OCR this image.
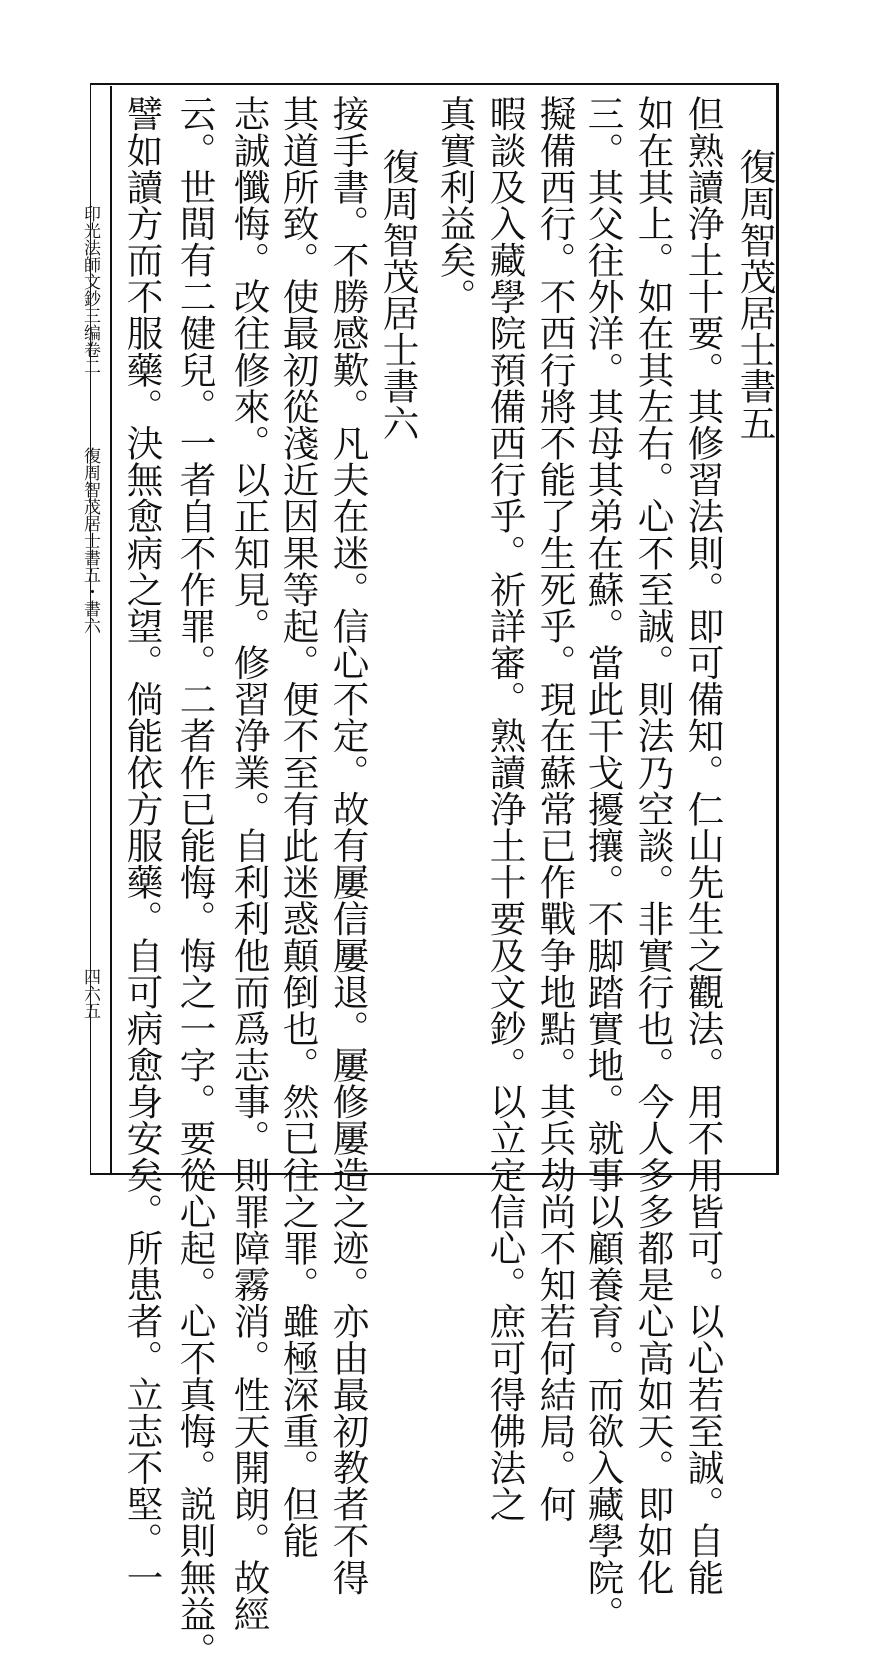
印光法師文鈔三编卷二
復周智茂居士書五・書六
四六五
復周智茂居士書五
但熟讀浄土十要。其修習法則。即可備知。仁山先生之觀法。用不用皆可。以心若至誠。自能
如在其上。如在其左右。心不至誠。則法乃空談。非實行也。今人多多都是心高如天。即如化
三。其父往外洋。其母其弟在蘇。當此干戈擾攘。不脚踏實地。就事以顧養育。而欲入藏學院。
擬備西行。不西行將不能了生死乎。現在蘇常已作戰争地點。其兵劫尚不知若何結局。何
暇談及入藏學院預備西行乎。祈詳審。熟讀浄土十要及文鈔。以立定信心。庶可得佛法之
真實利益矣。
復周智茂居士書六
接手書。不勝感歎。凡夫在迷。信心不定。故有屢信屢退。屢修屢造之迹。亦由最初教者不得
其道所致。使最初從淺近因果等起。便不至有此迷惑顛倒也。然已往之罪。雖極深重。但能
志誠懺悔。改往修來。以正知見。修習浄業。自利利他而爲志事。則罪障霧消。性天開朗。故經
云。世間有二健兒。一者自不作罪。二者作已能悔。悔之一字。要從心起。心不真悔。説則無益。
譬如讀方而不服藥。決無愈病之望。倘能依方服藥。自可病愈身安矣。所患者。立志不堅。一
